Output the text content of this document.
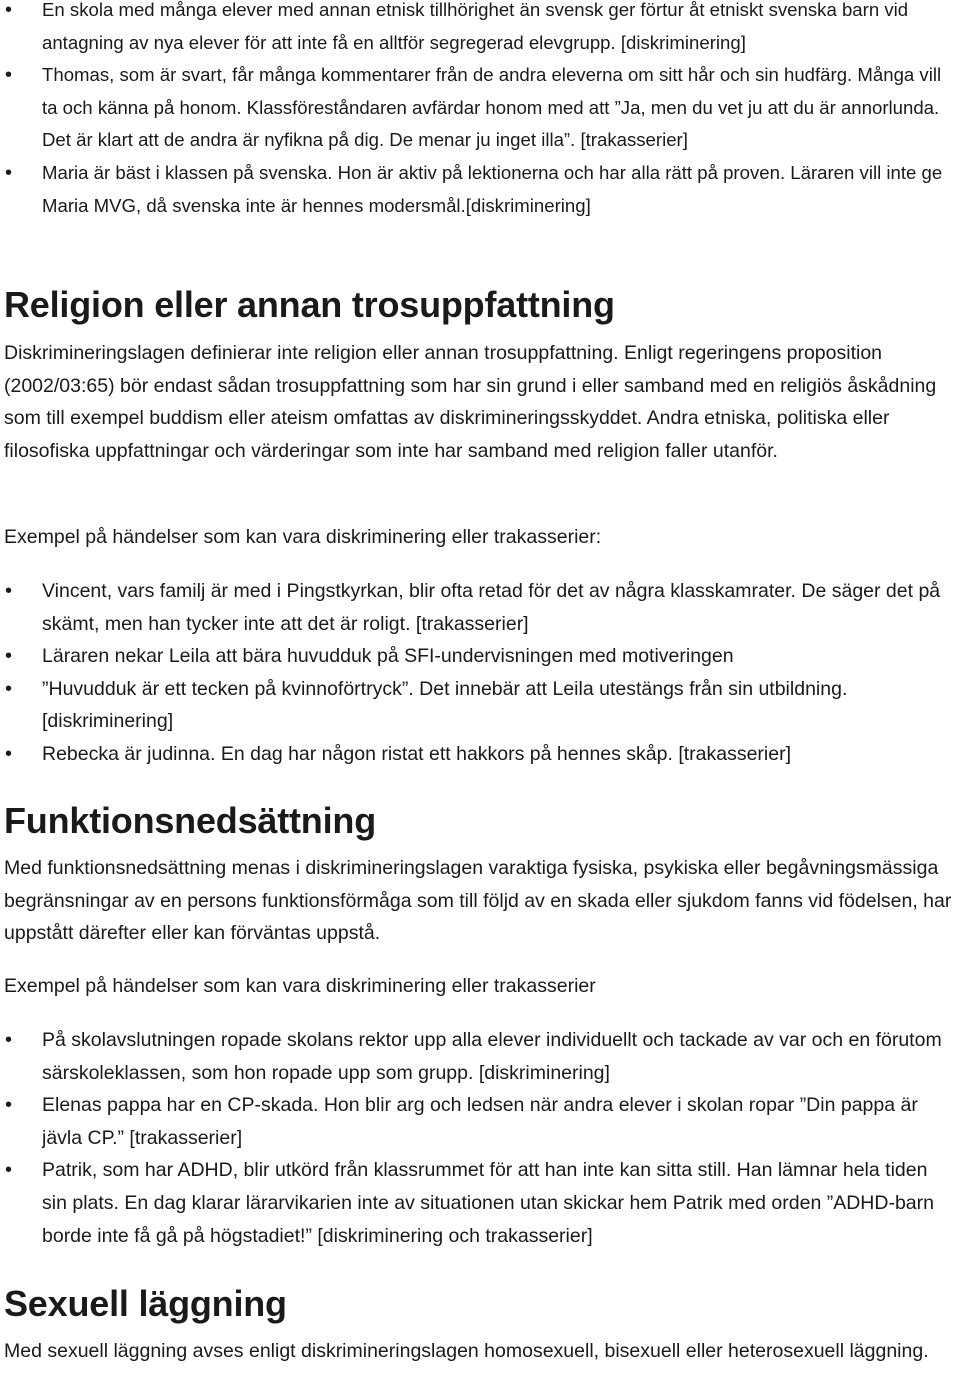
• En skola med många elever med annan etnisk tillhörighet än svensk ger förtur åt etniskt svenska barn vid antagning av nya elever för att inte få en alltför segregerad elevgrupp. [diskriminering]
• Thomas, som är svart, får många kommentarer från de andra eleverna om sitt hår och sin hudfärg. Många vill ta och känna på honom. Klassföreståndaren avfärdar honom med att ”Ja, men du vet ju att du är annorlunda. Det är klart att de andra är nyfikna på dig. De menar ju inget illa”. [trakasserier]
• Maria är bäst i klassen på svenska. Hon är aktiv på lektionerna och har alla rätt på proven. Läraren vill inte ge Maria MVG, då svenska inte är hennes modersmål.[diskriminering]
Religion eller annan trosuppfattning

Diskrimineringslagen definierar inte religion eller annan trosuppfattning. Enligt regeringens proposition (2002/03:65) bör endast sådan trosuppfattning som har sin grund i eller samband med en religiös åskådning som till exempel buddism eller ateism omfattas av diskrimineringsskyddet. Andra etniska, politiska eller filosofiska uppfattningar och värderingar som inte har samband med religion faller utanför.

Exempel på händelser som kan vara diskriminering eller trakasserier:

• Vincent, vars familj är med i Pingstkyrkan, blir ofta retad för det av några klasskamrater. De säger det på skämt, men han tycker inte att det är roligt. [trakasserier]
• Läraren nekar Leila att bära huvudduk på SFI-undervisningen med motiveringen
• ”Huvudduk är ett tecken på kvinnoförtryck”. Det innebär att Leila utestängs från sin utbildning. [diskriminering]
• Rebecka är judinna. En dag har någon ristat ett hakkors på hennes skåp. [trakasserier]
Funktionsnedsättning

Med funktionsnedsättning menas i diskrimineringslagen varaktiga fysiska, psykiska eller begåvningsmässiga begränsningar av en persons funktionsförmåga som till följd av en skada eller sjukdom fanns vid födelsen, har uppstått därefter eller kan förväntas uppstå.

Exempel på händelser som kan vara diskriminering eller trakasserier

• På skolavslutningen ropade skolans rektor upp alla elever individuellt och tackade av var och en förutom särskoleklassen, som hon ropade upp som grupp. [diskriminering]
• Elenas pappa har en CP-skada. Hon blir arg och ledsen när andra elever i skolan ropar ”Din pappa är jävla CP.” [trakasserier]
• Patrik, som har ADHD, blir utkörd från klassrummet för att han inte kan sitta still. Han lämnar hela tiden sin plats. En dag klarar lärarvikarien inte av situationen utan skickar hem Patrik med orden ”ADHD-barn borde inte få gå på högstadiet!” [diskriminering och trakasserier]
Sexuell läggning

Med sexuell läggning avses enligt diskrimineringslagen homosexuell, bisexuell eller heterosexuell läggning.
